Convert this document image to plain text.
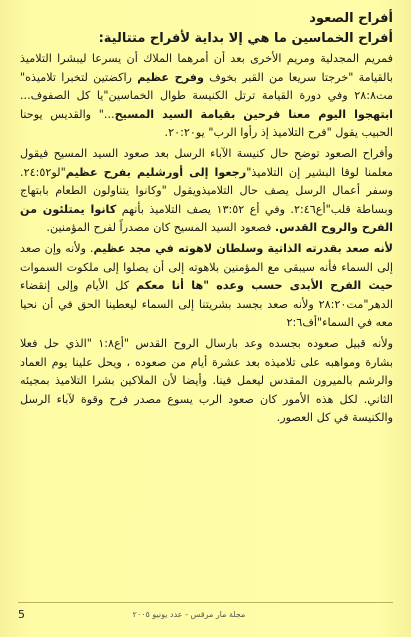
أفراح الصعود
أفراح الخماسين ما هي إلا بداية لأفراح متتالية:

فمريم المجدلية ومريم الأخرى بعد أن أمرهما الملاك أن يسرعا ليبشرا التلاميذ بالقيامة "خرجتا سريعا من القبر بخوف وفرح عظيم راكضتين لتخبرا تلاميذه" مت٢٨:٨ وفي دورة القيامة ترتل الكنيسة طوال الخماسين"يا كل الصفوف... ابتهجوا اليوم معنا فرحين بقيامة السيد المسيح..." والقديس يوحنا الحبيب يقول "فرح التلاميذ إذ رأوا الرب" يو٢٠:٢٠.

وأفراح الصعود توضح حال كنيسة الآباء الرسل بعد صعود السيد المسيح فيقول معلمنا لوقا البشير إن التلاميذ"رجعوا إلى أورشليم بفرح عظيم"لو٢٤:٥٢. وسفر أعمال الرسل يصف حال التلاميذويقول "وكانوا يتناولون الطعام بابتهاج وبساطة قلب"أع٢:٤٦. وفي أع ١٣:٥٢ يصف التلاميذ بأنهم كانوا يمتلئون من الفرح والروح القدس. فصعود السيد المسيح كان مصدراً لفرح المؤمنين.

لأنه صعد بقدرته الذاتية وسلطان لاهوته في مجد عظيم. ولأنه وإن صعد إلى السماء فأنه سيبقى مع المؤمنين بلاهوته إلى أن يصلوا إلى ملكوت السموات حيث الفرح الأبدى حسب وعده "ها أنا معكم كل الأيام وإلى إنقضاء الدهر"مت٢٨:٢٠ ولأنه صعد بجسد بشريتنا إلى السماء ليعطينا الحق في أن نحيا معه في السماء"أف٢:٦

ولأنه قبيل صعوده بجسده وعد بارسال الروح القدس "أع١:٨ "الذي حل فعلا بشارة ومواهبه على تلاميذه بعد عشرة أيام من صعوده ، ويحل علينا يوم العماد والرشم بالميرون المقدس ليعمل فينا. وأيضا لأن الملاكين بشرا التلاميذ بمجيئه الثاني. لكل هذه الأمور كان صعود الرب يسوع مصدر فرح وقوة لآباء الرسل والكنيسة في كل العصور.

5	مجلة مار مرقس - عدد يونيو ٢٠٠٥
